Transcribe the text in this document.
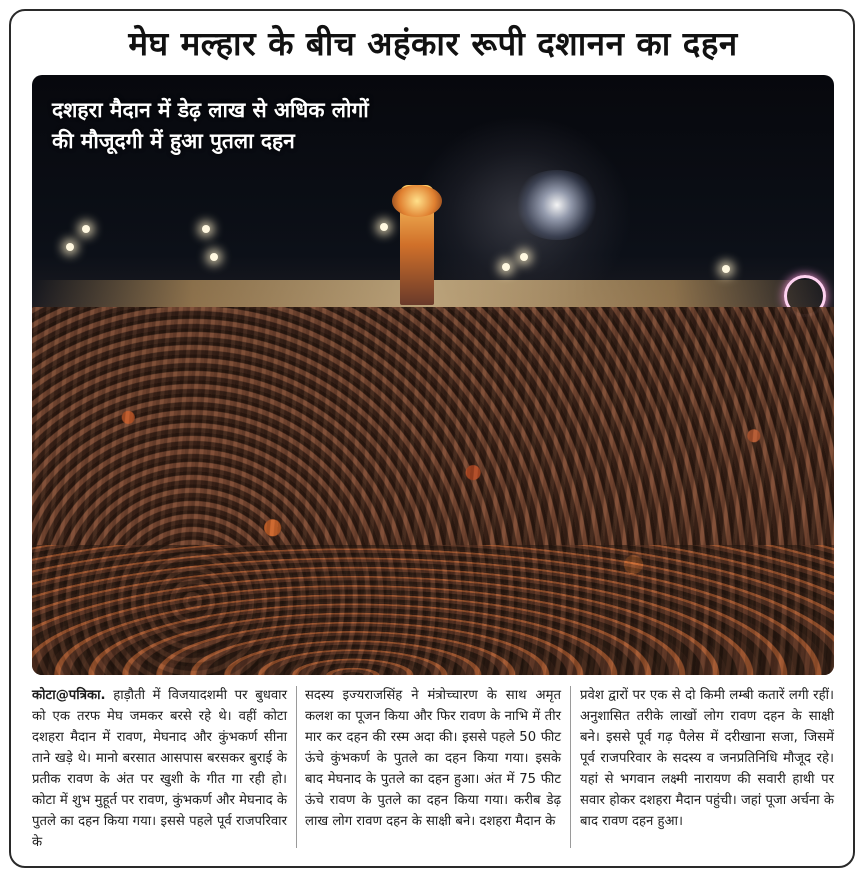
मेघ मल्हार के बीच अहंकार रूपी दशानन का दहन
दशहरा मैदान में डेढ़ लाख से अधिक लोगों की मौजूदगी में हुआ पुतला दहन
कोटा@पत्रिका. हाड़ौती में विजयादशमी पर बुधवार को एक तरफ मेघ जमकर बरसे रहे थे। वहीं कोटा दशहरा मैदान में रावण, मेघनाद और कुंभकर्ण सीना ताने खड़े थे। मानो बरसात आसपास बरसकर बुराई के प्रतीक रावण के अंत पर खुशी के गीत गा रही हो। कोटा में शुभ मुहूर्त पर रावण, कुंभकर्ण और मेघनाद के पुतले का दहन किया गया। इससे पहले पूर्व राजपरिवार के
सदस्य इज्यराजसिंह ने मंत्रोच्चारण के साथ अमृत कलश का पूजन किया और फिर रावण के नाभि में तीर मार कर दहन की रस्म अदा की। इससे पहले 50 फीट ऊंचे कुंभकर्ण के पुतले का दहन किया गया। इसके बाद मेघनाद के पुतले का दहन हुआ। अंत में 75 फीट ऊंचे रावण के पुतले का दहन किया गया। करीब डेढ़ लाख लोग रावण दहन के साक्षी बने। दशहरा मैदान के
प्रवेश द्वारों पर एक से दो किमी लम्बी कतारें लगी रहीं। अनुशासित तरीके लाखों लोग रावण दहन के साक्षी बने। इससे पूर्व गढ़ पैलेस में दरीखाना सजा, जिसमें पूर्व राजपरिवार के सदस्य व जनप्रतिनिधि मौजूद रहे। यहां से भगवान लक्ष्मी नारायण की सवारी हाथी पर सवार होकर दशहरा मैदान पहुंची। जहां पूजा अर्चना के बाद रावण दहन हुआ।
